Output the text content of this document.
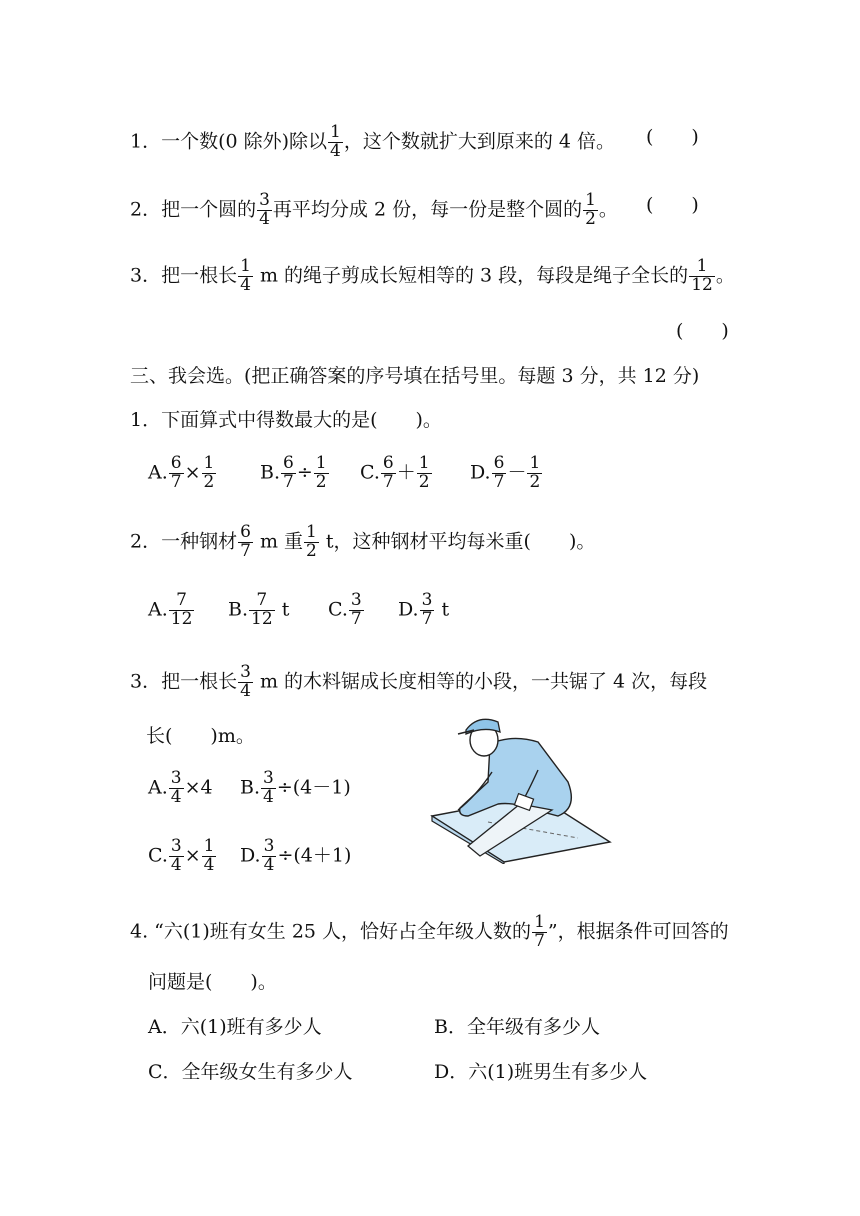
1．一个数(0 除外)除以 $\frac{1}{4}$ ，这个数就扩大到原来的 4 倍。 (　　)
2．把一个圆的 $\frac{3}{4}$ 再平均分成 2 份，每一份是整个圆的 $\frac{1}{2}$ 。 (　　)
3．把一根长 $\frac{1}{4}$ m 的绳子剪成长短相等的 3 段，每段是绳子全长的 $\frac{1}{12}$ 。
(　　)
三、我会选。(把正确答案的序号填在括号里。每题 3 分，共 12 分)
1．下面算式中得数最大的是(　　)。
A. $\frac{6}{7} \times \frac{1}{2} B$. $\frac{6}{7} \div \frac{1}{2} C$. $\frac{6}{7} + \frac{1}{2} D$. $\frac{6}{7} - \frac{1}{2}$
2．一种钢材 $\frac{6}{7}$ m 重 $\frac{1}{2}$ t，这种钢材平均每米重(　　)。
A. $\frac{7}{12} B$. $\frac{7}{12}$ t C. $\frac{3}{7} D$. $\frac{3}{7}$ t
3．把一根长 $\frac{3}{4}$ m 的木料锯成长度相等的小段，一共锯了 4 次，每段
长(　　)m。
A. $\frac{3}{4} \times 4$ B. $\frac{3}{4} \div(4-1)$
C. $\frac{3}{4} \times \frac{1}{4} D$. $\frac{3}{4} \div(4+1)$
4. “六(1)班有女生 25 人，恰好占全年级人数的 $\frac{1}{7}$ ”，根据条件可回答的
问题是(　　)。
A．六(1)班有多少人	B．全年级有多少人
C．全年级女生有多少人	D．六(1)班男生有多少人
